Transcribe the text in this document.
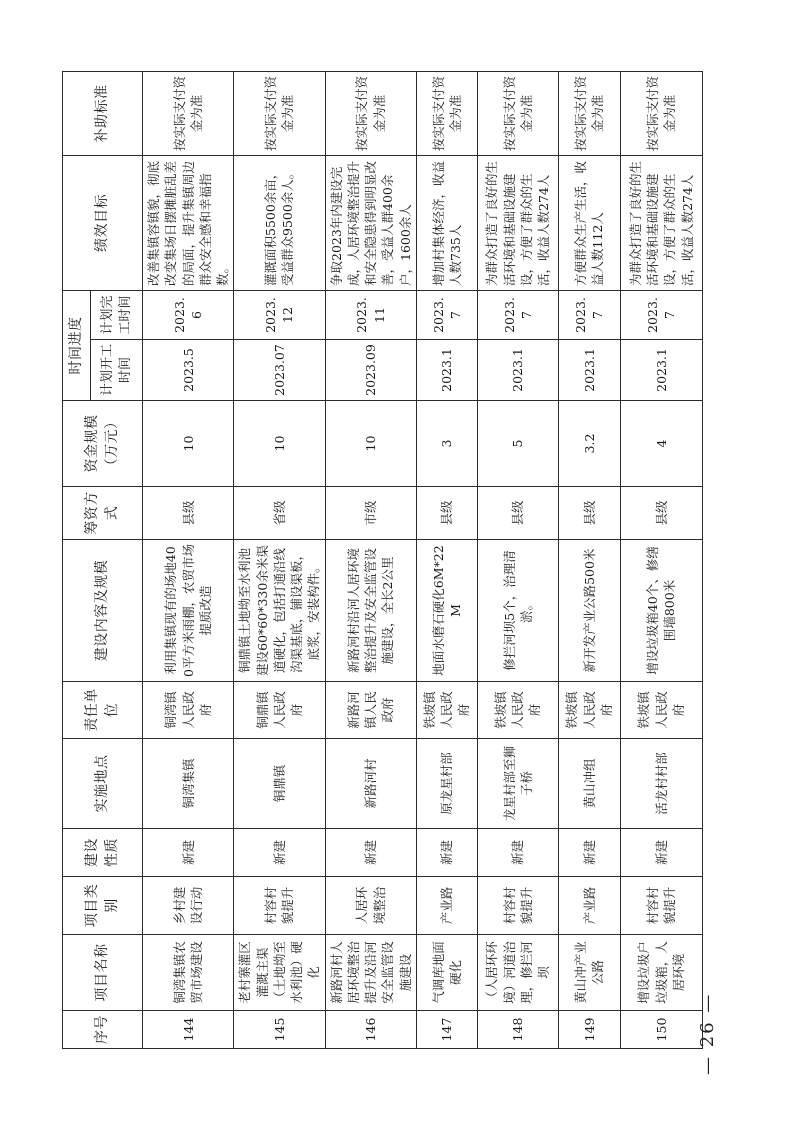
序号	项目名称	项目类别	建设性质	实施地点	责任单位	建设内容及规模	筹资方式	资金规模（万元）	时间进度		绩效目标	补助标准
									计划开工时间	计划完工时间		
144	铜湾集镇农贸市场建设	乡村建设行动	新建	铜湾集镇	铜湾镇人民政府	利用集镇现有的场地400平方米雨棚，农贸市场提质改造	县级	10	2023.5	2023.6	改善集镇容镇貌，彻底改变集场日摆摊脏乱差的局面，提升集镇周边群众安全感和幸福指数。	按实际支付资金为准
145	老村寨灌区灌溉主渠（土地坳至水利池）硬化	村容村貌提升	新建	铜鼎镇	铜鼎镇人民政府	铜鼎镇土地坳至水利池建设60*60*330余米渠道硬化，包括打通沿线沟渠基底，铺设渠板，底浆，安装构件。	省级	10	2023.07	2023.12	灌溉面积5500余亩，受益群众9500余人。	按实际支付资金为准
146	新路河村人居环境整治提升及沿河安全监管设施建设	人居环境整治	新建	新路河村	新路河镇人民政府	新路河村沿河人居环境整治提升及安全监管设施建设，全长2公里	市级	10	2023.09	2023.11	争取2023年内建设完成，人居环境整治提升和安全隐患得到明显改善，受益人群400余户，1600余人	按实际支付资金为准
147	气调库地面硬化	产业路	新建	原龙星村部	铁坡镇人民政府	地面水磨石硬化6M*22M	县级	3	2023.1	2023.7	增加村集体经济，收益人数735人	按实际支付资金为准
148	（人居环环境）河道治理，修拦河坝	村容村貌提升	新建	龙星村部至狮子桥	铁坡镇人民政府	修拦河坝5个，治理清淤。	县级	5	2023.1	2023.7	为群众打造了良好的生活环境和基础设施建设，方便了群众的生活，收益人数274人	按实际支付资金为准
149	黄山冲产业公路	产业路	新建	黄山冲组	铁坡镇人民政府	新开发产业公路500米	县级	3.2	2023.1	2023.7	方便群众生产生活，收益人数112人	按实际支付资金为准
150	增设垃圾户垃圾箱，人居环境	村容村貌提升	新建	活龙村村部	铁坡镇人民政府	增设垃圾箱40个、修缮围墙800米	县级	4	2023.1	2023.7	为群众打造了良好的生活环境和基础设施建设，方便了群众的生活，收益人数274人	按实际支付资金为准
— 26 —
